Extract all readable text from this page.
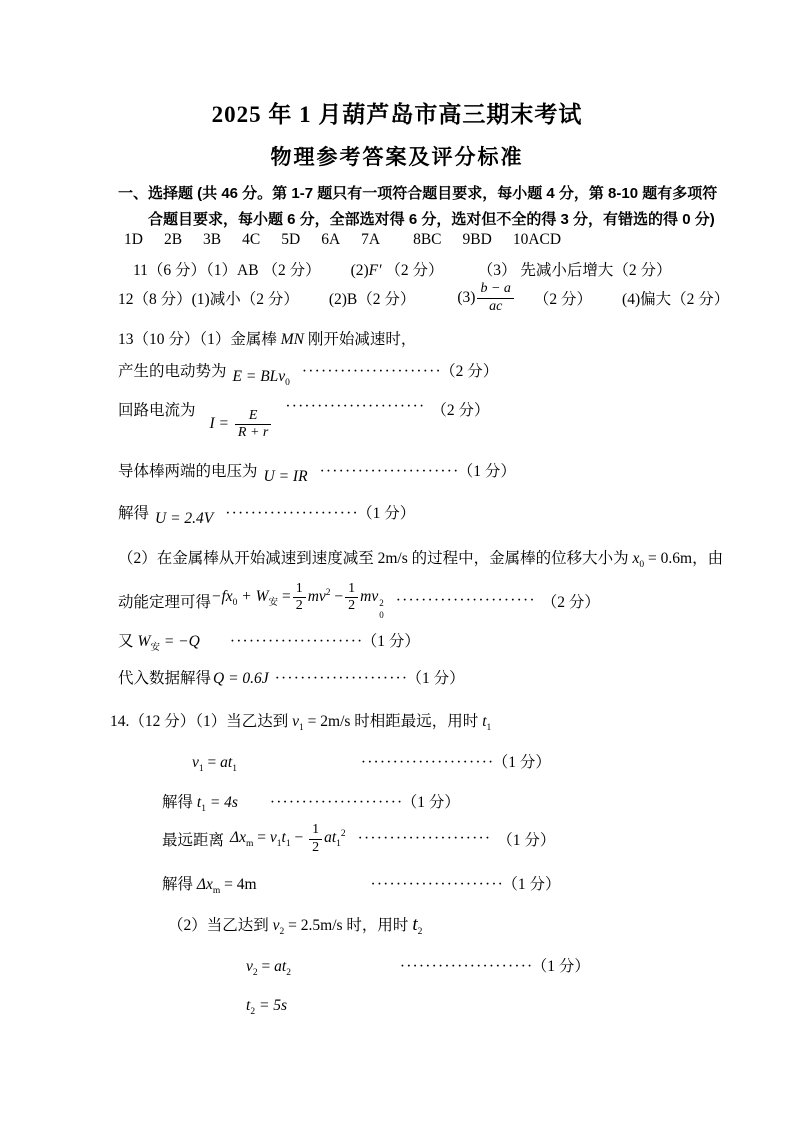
2025 年 1 月葫芦岛市高三期末考试
物理参考答案及评分标准
一、选择题 (共 46 分。第 1-7 题只有一项符合题目要求，每小题 4 分，第 8-10 题有多项符
合题目要求，每小题 6 分，全部选对得 6 分，选对但不全的得 3 分，有错选的得 0 分)
1D 2B 3B 4C 5D 6A 7A 8BC 9BD 10ACD
11（6 分）（1）AB （2 分） (2)F′ （2 分）	（3） 先减小后增大（2 分）
12（8 分）(1)减小（2 分） (2)B（2 分）	$(3) \frac{b - a}{ac} (2$ 分） (4)偏大（2 分）
13（10 分）（1）金属棒 MN 刚开始减速时，
产生的电动势为 E = BLv$_0$······················ （2 分）
回路电流为
$I = \frac{E}{R + r}$
······················ （2 分）
导体棒两端的电压为 U = IR ······················ （1 分）
解得 U = 2.4V ····················· （1 分）
（2）在金属棒从开始减速到速度减至 2m/s 的过程中，金属棒的位移大小为 $x_0 = 0.6m$，由
动能定理可得 $-fx_0 + W_安 = \frac{1}{2} mv^2 - \frac{1}{2}$ mv 2
0
······················ （2 分）
又 $W_安 = -Q$ ····················· （1 分）
代入数据解得 Q = 0.6J ····················· （1 分）
14.（12 分）（1）当乙达到 $v_1 = 2m/s$ 时相距最远，用时 $t_1$
$v_1 = at_1$	····················· （1 分）
解得 $t_1 = 4s$ ····················· （1 分）
最远距离 $\Delta x_m = v_1t_1 - \frac{1}{2} at_1^2$ ····················· （1 分）
解得 $\Delta x_m = 4m$	····················· （1 分）
（2）当乙达到 $v_2 = 2.5m/s$ 时，用时 $t_2$
$v_2 = at_2$	····················· （1 分）
$t_2 = 5s$
